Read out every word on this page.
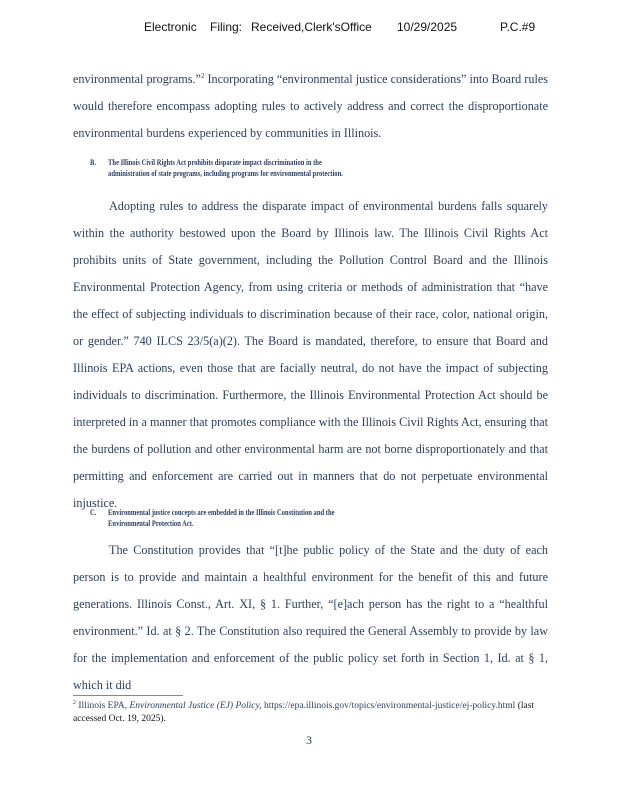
Electronic Filing: Received,Clerk'sOffice 10/29/2025	P.C.#9
environmental programs.”$^2$ Incorporating “environmental justice considerations” into Board rules would therefore encompass adopting rules to actively address and correct the disproportionate environmental burdens experienced by communities in Illinois.
B. The Illinois Civil Rights Act prohibits disparate impact discrimination in the
administration of state programs, including programs for environmental protection.
Adopting rules to address the disparate impact of environmental burdens falls squarely within the authority bestowed upon the Board by Illinois law. The Illinois Civil Rights Act prohibits units of State government, including the Pollution Control Board and the Illinois Environmental Protection Agency, from using criteria or methods of administration that “have the effect of subjecting individuals to discrimination because of their race, color, national origin, or gender.” 740 ILCS 23/5(a)(2). The Board is mandated, therefore, to ensure that Board and Illinois EPA actions, even those that are facially neutral, do not have the impact of subjecting individuals to discrimination. Furthermore, the Illinois Environmental Protection Act should be interpreted in a manner that promotes compliance with the Illinois Civil Rights Act, ensuring that the burdens of pollution and other environmental harm are not borne disproportionately and that permitting and enforcement are carried out in manners that do not perpetuate environmental injustice.
C. Environmental justice concepts are embedded in the Illinois Constitution and the
Environmental Protection Act.
The Constitution provides that “[t]he public policy of the State and the duty of each person is to provide and maintain a healthful environment for the benefit of this and future generations. Illinois Const., Art. XI, § 1. Further, “[e]ach person has the right to a “healthful environment.” Id. at § 2. The Constitution also required the General Assembly to provide by law for the implementation and enforcement of the public policy set forth in Section 1, Id. at § 1, which it did
$^2$ Illinois EPA, Environmental Justice (EJ) Policy, https://epa.illinois.gov/topics/environmental-justice/ej-policy.html (last accessed Oct. 19, 2025).
3
